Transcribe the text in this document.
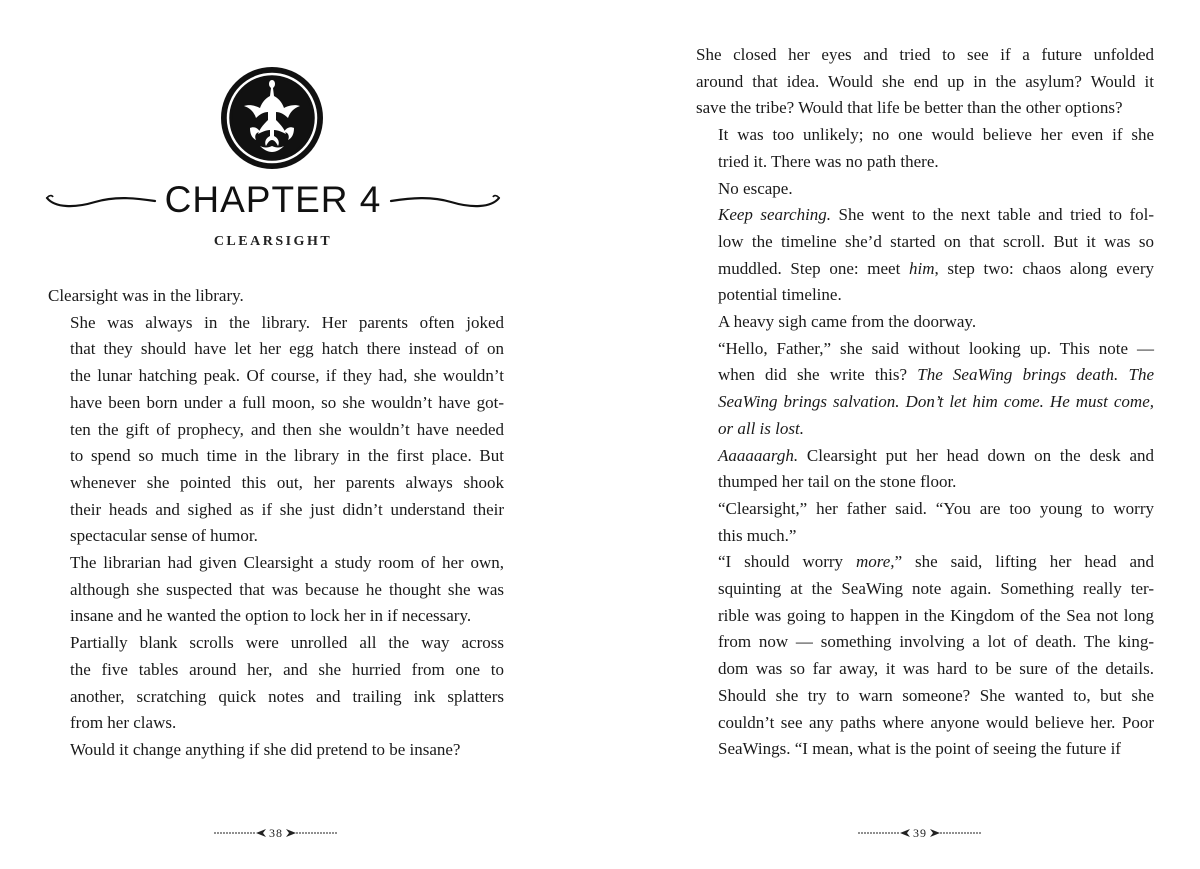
CHAPTER 4
CLEARSIGHT

Clearsight was in the library.

She was always in the library. Her parents often joked
that they should have let her egg hatch there instead of on
the lunar hatching peak. Of course, if they had, she wouldn’t
have been born under a full moon, so she wouldn’t have got-
ten the gift of prophecy, and then she wouldn’t have needed
to spend so much time in the library in the first place. But
whenever she pointed this out, her parents always shook
their heads and sighed as if she just didn’t understand their
spectacular sense of humor.

The librarian had given Clearsight a study room of her own,
although she suspected that was because he thought she was
insane and he wanted the option to lock her in if necessary.

Partially blank scrolls were unrolled all the way across
the five tables around her, and she hurried from one to
another, scratching quick notes and trailing ink splatters
from her claws.

Would it change anything if she did pretend to be insane?

38

She closed her eyes and tried to see if a future unfolded
around that idea. Would she end up in the asylum? Would it
save the tribe? Would that life be better than the other options?

It was too unlikely; no one would believe her even if she
tried it. There was no path there.

No escape.

Keep searching. She went to the next table and tried to fol-
low the timeline she’d started on that scroll. But it was so
muddled. Step one: meet him, step two: chaos along every
potential timeline.

A heavy sigh came from the doorway.

“Hello, Father,” she said without looking up. This note —
when did she write this? The SeaWing brings death. The
SeaWing brings salvation. Don’t let him come. He must come,
or all is lost.

Aaaaaargh. Clearsight put her head down on the desk and
thumped her tail on the stone floor.

“Clearsight,” her father said. “You are too young to worry
this much.”

“I should worry more,” she said, lifting her head and
squinting at the SeaWing note again. Something really ter-
rible was going to happen in the Kingdom of the Sea not long
from now — something involving a lot of death. The king-
dom was so far away, it was hard to be sure of the details.
Should she try to warn someone? She wanted to, but she
couldn’t see any paths where anyone would believe her. Poor
SeaWings. “I mean, what is the point of seeing the future if

39
